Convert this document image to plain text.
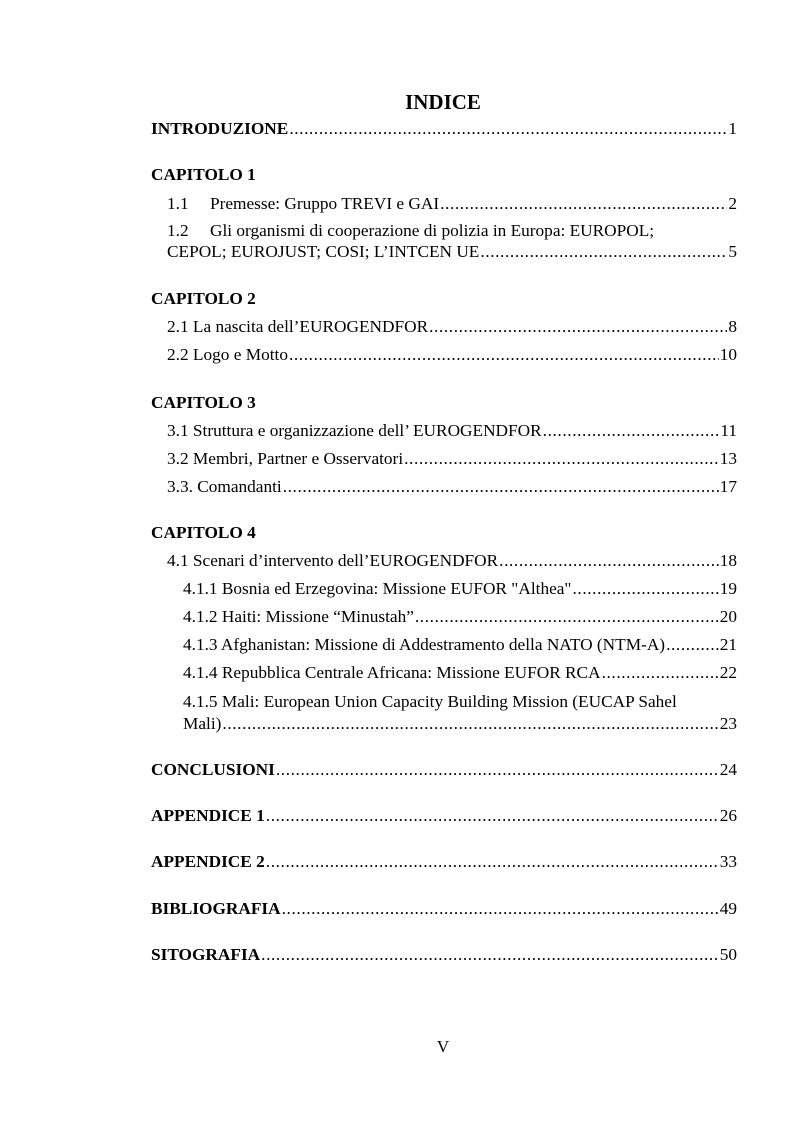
INDICE
INTRODUZIONE .....	1
CAPITOLO 1
1.1 Premesse: Gruppo TREVI e GAI .....	2
1.2 Gli organismi di cooperazione di polizia in Europa: EUROPOL;
CEPOL; EUROJUST; COSI; L’INTCEN UE .....	5
CAPITOLO 2
2.1 La nascita dell’EUROGENDFOR .....	8
2.2 Logo e Motto .....	10
CAPITOLO 3
3.1 Struttura e organizzazione dell’ EUROGENDFOR .....	11
3.2 Membri, Partner e Osservatori .....	13
3.3. Comandanti .....	17
CAPITOLO 4
4.1 Scenari d’intervento dell’EUROGENDFOR .....	18
4.1.1 Bosnia ed Erzegovina: Missione EUFOR "Althea" .....	19
4.1.2 Haiti: Missione “Minustah” .....	20
4.1.3 Afghanistan: Missione di Addestramento della NATO (NTM-A) .....	21
4.1.4 Repubblica Centrale Africana: Missione EUFOR RCA .....	22
4.1.5 Mali: European Union Capacity Building Mission (EUCAP Sahel
Mali) .....	23
CONCLUSIONI .....	24
APPENDICE 1 .....	26
APPENDICE 2 .....	33
BIBLIOGRAFIA .....	49
SITOGRAFIA .....	50
V
